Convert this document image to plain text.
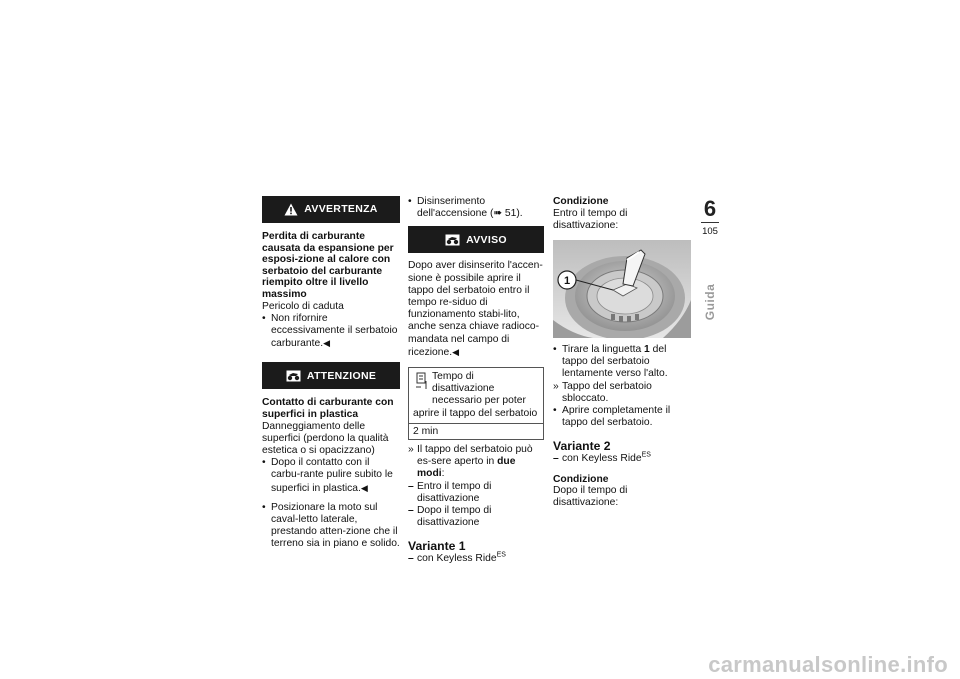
AVVERTENZA
Perdita di carburante causata da espansione per esposi-zione al calore con serbatoio del carburante riempito oltre il livello massimo
Pericolo di caduta
• Non rifornire eccessivamente il serbatoio carburante.◀
ATTENZIONE
Contatto di carburante con superfici in plastica
Danneggiamento delle superfici (perdono la qualità estetica o si opacizzano)
• Dopo il contatto con il carbu-rante pulire subito le superfici in plastica.◀
• Posizionare la moto sul caval-letto laterale, prestando atten-zione che il terreno sia in piano e solido.
• Disinserimento dell'accensione (➠ 51).
AVVISO
Dopo aver disinserito l'accen-sione è possibile aprire il tappo del serbatoio entro il tempo re-siduo di funzionamento stabi-lito, anche senza chiave radioco-mandata nel campo di ricezione.◀
Tempo di disattivazione necessario per poter aprire il tappo del serbatoio
2 min
» Il tappo del serbatoio può es-sere aperto in due modi:
– Entro il tempo di disattivazione
– Dopo il tempo di disattivazione
Variante 1
– con Keyless Ride$^{ES}$
Condizione
Entro il tempo di disattivazione:
1
• Tirare la linguetta 1 del tappo del serbatoio lentamente verso l'alto.
» Tappo del serbatoio sbloccato.
• Aprire completamente il tappo del serbatoio.
Variante 2
– con Keyless Ride$^{ES}$
Condizione
Dopo il tempo di disattivazione:
6
105
Guida
carmanualsonline.info
